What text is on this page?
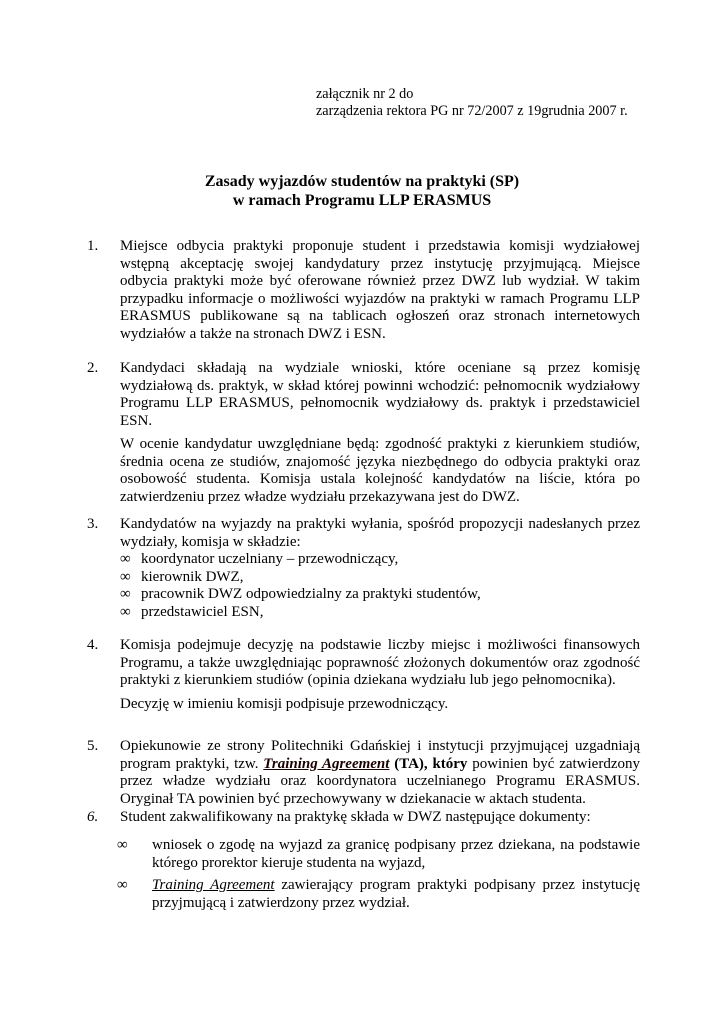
załącznik nr 2 do
zarządzenia rektora PG nr 72/2007 z 19grudnia 2007 r.
Zasady wyjazdów studentów na praktyki (SP)
w ramach Programu LLP ERASMUS
1. Miejsce odbycia praktyki proponuje student i przedstawia komisji wydziałowej wstępną akceptację swojej kandydatury przez instytucję przyjmującą. Miejsce odbycia praktyki może być oferowane również przez DWZ lub wydział. W takim przypadku informacje o możliwości wyjazdów na praktyki w ramach Programu LLP ERASMUS publikowane są na tablicach ogłoszeń oraz stronach internetowych wydziałów a także na stronach DWZ i ESN.
2. Kandydaci składają na wydziale wnioski, które oceniane są przez komisję wydziałową ds. praktyk, w skład której powinni wchodzić: pełnomocnik wydziałowy Programu LLP ERASMUS, pełnomocnik wydziałowy ds. praktyk i przedstawiciel ESN.

W ocenie kandydatur uwzględniane będą: zgodność praktyki z kierunkiem studiów, średnia ocena ze studiów, znajomość języka niezbędnego do odbycia praktyki oraz osobowość studenta. Komisja ustala kolejność kandydatów na liście, która po zatwierdzeniu przez władze wydziału przekazywana jest do DWZ.

3. Kandydatów na wyjazdy na praktyki wyłania, spośród propozycji nadesłanych przez wydziały, komisja w składzie:

∞ koordynator uczelniany – przewodniczący,
∞ kierownik DWZ,
∞ pracownik DWZ odpowiedzialny za praktyki studentów,
∞ przedstawiciel ESN,
4. Komisja podejmuje decyzję na podstawie liczby miejsc i możliwości finansowych Programu, a także uwzględniając poprawność złożonych dokumentów oraz zgodność praktyki z kierunkiem studiów (opinia dziekana wydziału lub jego pełnomocnika).

Decyzję w imieniu komisji podpisuje przewodniczący.

5. Opiekunowie ze strony Politechniki Gdańskiej i instytucji przyjmującej uzgadniają program praktyki, tzw. Training Agreement (TA), który powinien być zatwierdzony przez władze wydziału oraz koordynatora uczelnianego Programu ERASMUS. Oryginał TA powinien być przechowywany w dziekanacie w aktach studenta.
6. Student zakwalifikowany na praktykę składa w DWZ następujące dokumenty:
∞ wniosek o zgodę na wyjazd za granicę podpisany przez dziekana, na podstawie którego prorektor kieruje studenta na wyjazd,
∞ Training Agreement zawierający program praktyki podpisany przez instytucję przyjmującą i zatwierdzony przez wydział.
